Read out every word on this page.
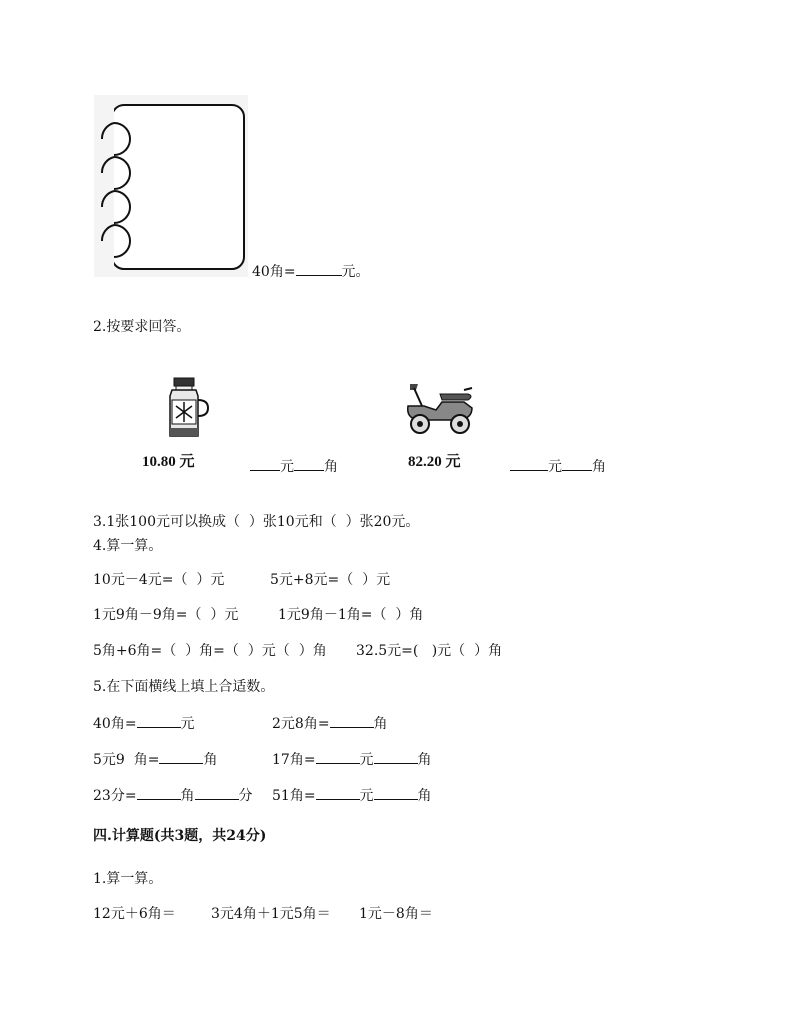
40角=	元。
2.按要求回答。
10.80 元	元 角	82.20 元	元 角
3.1张100元可以换成（  ）张10元和（  ）张20元。
4.算一算。
10元－4元=（  ）元	5元+8元=（  ）元
1元9角－9角=（  ）元	1元9角－1角=（  ）角
5角+6角=（  ）角=（  ）元（  ）角 32.5元=(   )元（  ）角
5.在下面横线上填上合适数。
40角=	元	2元8角=	角
5元9  角=	角	17角=	元	角
23分=	角	分 51角=	元	角
四.计算题(共3题，共24分)
1.算一算。
12元＋6角＝	3元4角＋1元5角＝ 1元－8角＝
